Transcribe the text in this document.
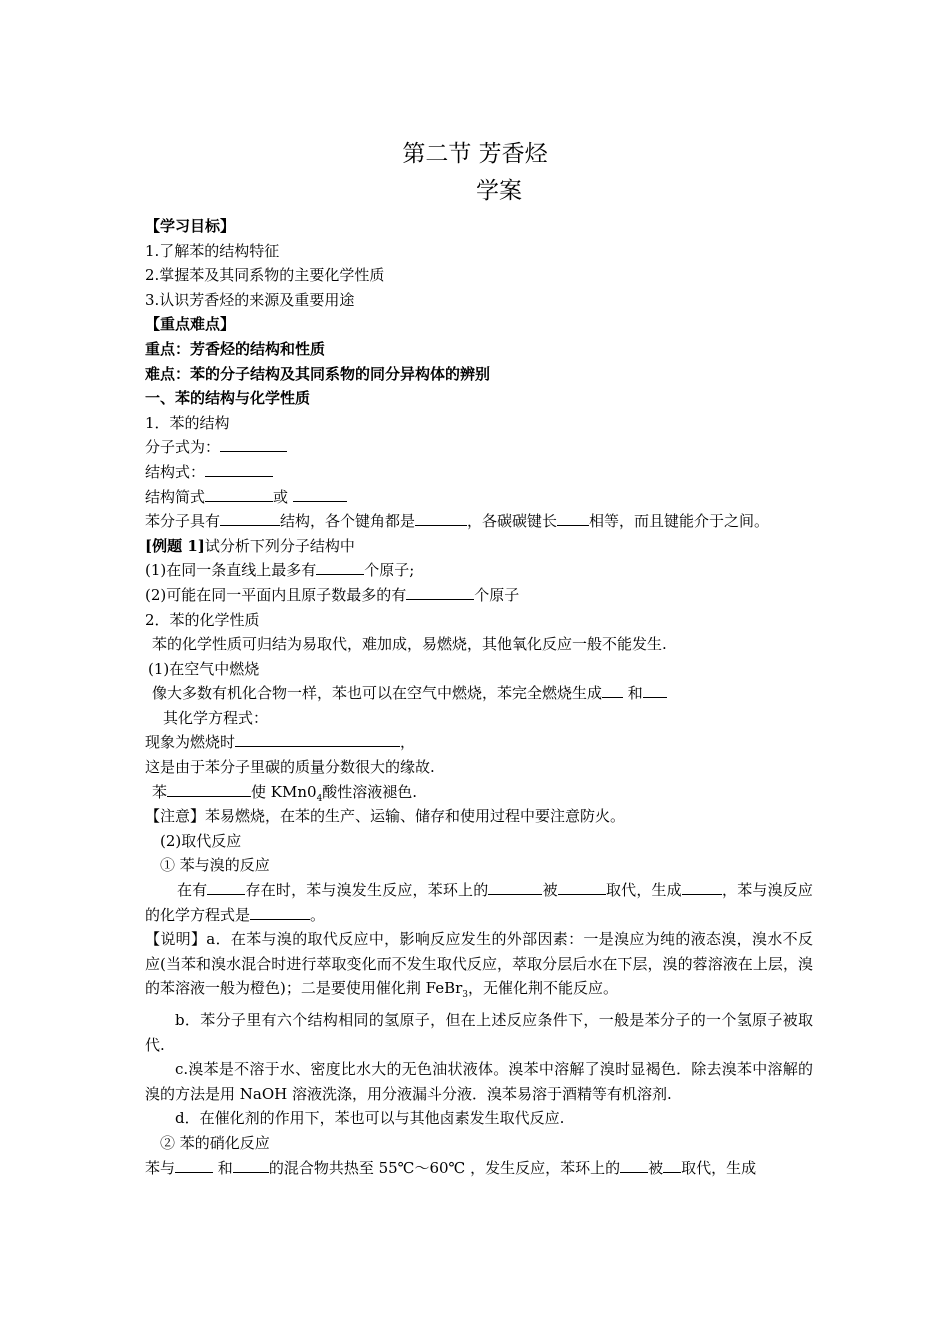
第二节 芳香烃
学案
【学习目标】
1.了解苯的结构特征
2.掌握苯及其同系物的主要化学性质
3.认识芳香烃的来源及重要用途
【重点难点】
重点：芳香烃的结构和性质
难点：苯的分子结构及其同系物的同分异构体的辨别
一、苯的结构与化学性质
1．苯的结构
分子式为：
结构式：
结构简式	或
苯分子具有	结构，各个键角都是	，各碳碳键长 相等，而且键能介于之间。
[例题 1]试分析下列分子结构中
(1)在同一条直线上最多有	个原子;
(2)可能在同一平面内且原子数最多的有	个原子
2．苯的化学性质
苯的化学性质可归结为易取代，难加成，易燃烧，其他氧化反应一般不能发生.
(1)在空气中燃烧
像大多数有机化合物一样，苯也可以在空气中燃烧，苯完全燃烧生成 和
其化学方程式：
现象为燃烧时	，
这是由于苯分子里碳的质量分数很大的缘故.
苯	使 $KMn0_4$酸性溶液褪色.
【注意】苯易燃烧，在苯的生产、运输、储存和使用过程中要注意防火。
(2)取代反应
① 苯与溴的反应
在有	存在时，苯与溴发生反应，苯环上的	被	取代，生成	，苯与溴反应的化学方程式是	。
【说明】a．在苯与溴的取代反应中，影响反应发生的外部因素：一是溴应为纯的液态溴，溴水不反应(当苯和溴水混合时进行萃取变化而不发生取代反应，萃取分层后水在下层，溴的蓉溶液在上层，溴的苯溶液一般为橙色)；二是要使用催化荆 FeBr$_3$，无催化荆不能反应。
b．苯分子里有六个结构相同的氢原子，但在上述反应条件下，一般是苯分子的一个氢原子被取代.
c.溴苯是不溶于水、密度比水大的无色油状液体。溴苯中溶解了溴时显褐色．除去溴苯中溶解的溴的方法是用 NaOH 溶液洗涤，用分液漏斗分液．溴苯易溶于酒精等有机溶剂.
d．在催化剂的作用下，苯也可以与其他卤素发生取代反应.
② 苯的硝化反应
苯与	和 的混合物共热至 55℃～60℃ ，发生反应，苯环上的 被 取代，生成
